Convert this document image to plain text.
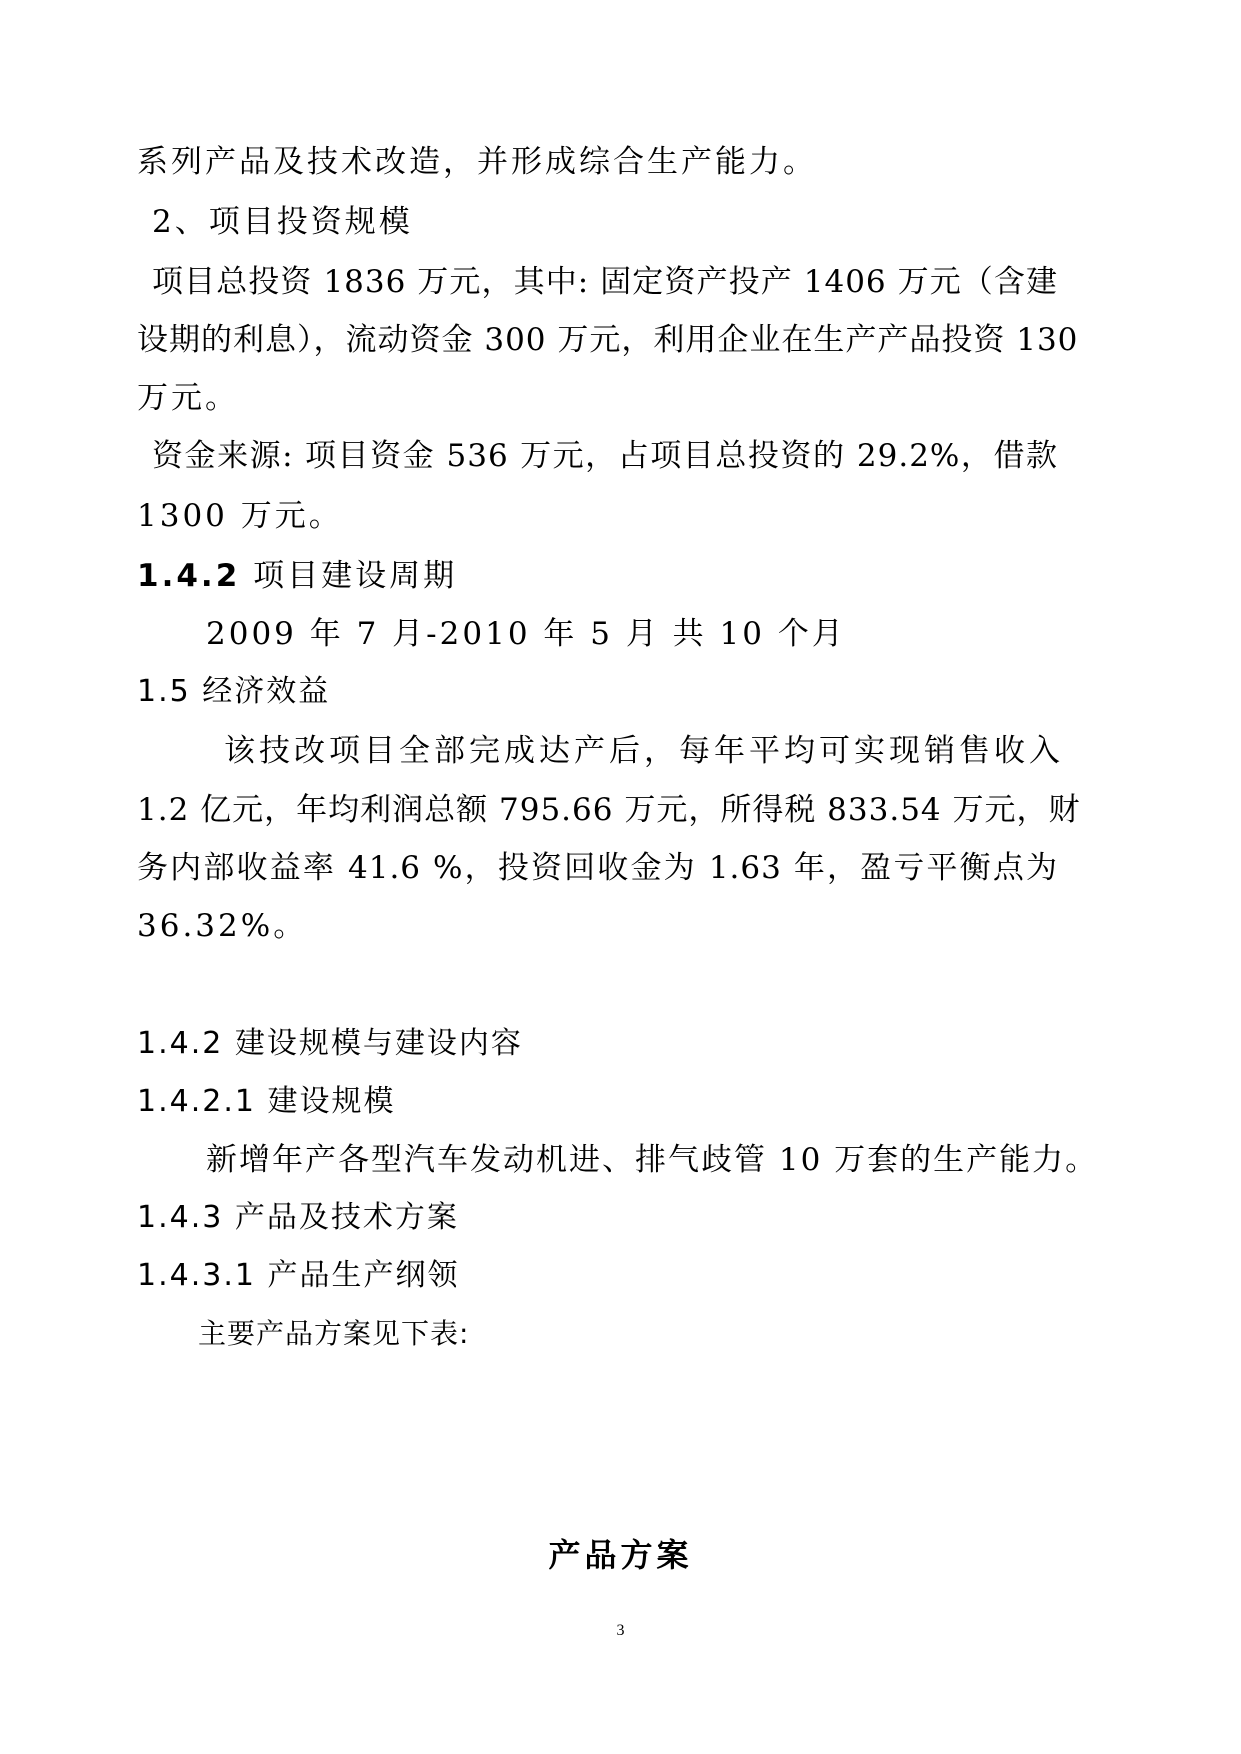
系列产品及技术改造，并形成综合生产能力。
2、项目投资规模
项目总投资 1836 万元，其中: 固定资产投产 1406 万元（含建
设期的利息），流动资金 300 万元，利用企业在生产产品投资 130
万元。
资金来源: 项目资金 536 万元，占项目总投资的 29.2%，借款
1300 万元。
1.4.2 项目建设周期
2009 年 7 月-2010 年 5 月 共 10 个月
1.5 经济效益
该技改项目全部完成达产后，每年平均可实现销售收入
1.2 亿元，年均利润总额 795.66 万元，所得税 833.54 万元，财
务内部收益率 41.6 %，投资回收金为 1.63 年，盈亏平衡点为
36.32%。
1.4.2 建设规模与建设内容
1.4.2.1 建设规模
新增年产各型汽车发动机进、排气歧管 10 万套的生产能力。
1.4.3 产品及技术方案
1.4.3.1 产品生产纲领
主要产品方案见下表:
产品方案
3
